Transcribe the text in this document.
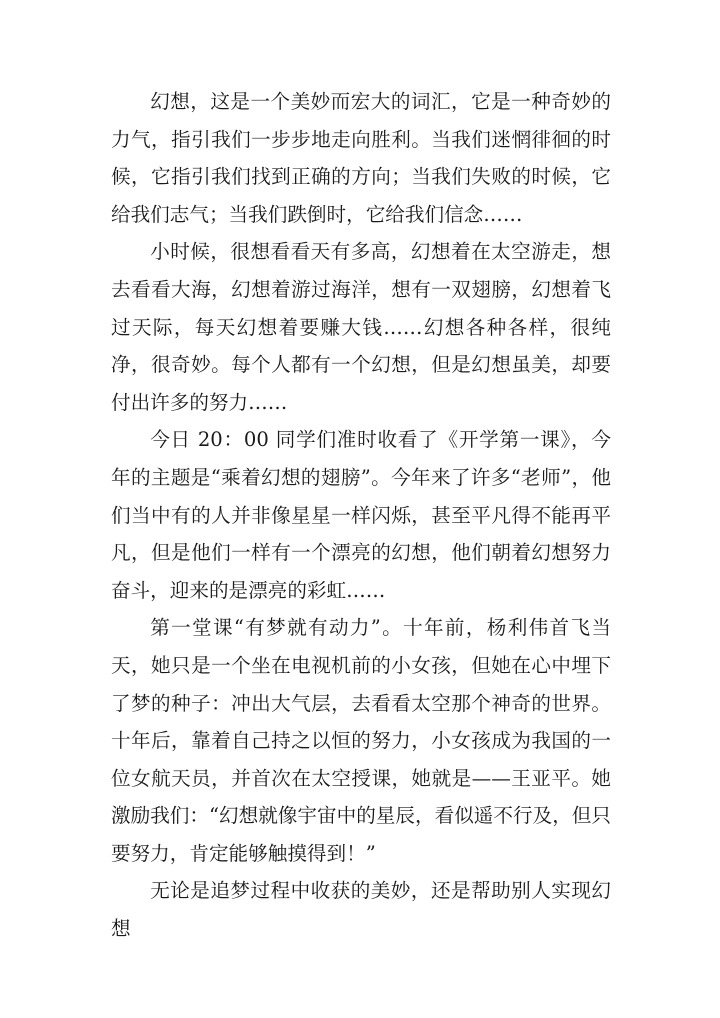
幻想，这是一个美妙而宏大的词汇，它是一种奇妙的力气，指引我们一步步地走向胜利。当我们迷惘徘徊的时候，它指引我们找到正确的方向；当我们失败的时候，它给我们志气；当我们跌倒时，它给我们信念……

小时候，很想看看天有多高，幻想着在太空游走，想去看看大海，幻想着游过海洋，想有一双翅膀，幻想着飞过天际，每天幻想着要赚大钱……幻想各种各样，很纯净，很奇妙。每个人都有一个幻想，但是幻想虽美，却要付出许多的努力……

今日 20：00 同学们准时收看了《开学第一课》，今年的主题是“乘着幻想的翅膀”。今年来了许多“老师”，他们当中有的人并非像星星一样闪烁，甚至平凡得不能再平凡，但是他们一样有一个漂亮的幻想，他们朝着幻想努力奋斗，迎来的是漂亮的彩虹……

第一堂课“有梦就有动力”。十年前，杨利伟首飞当天，她只是一个坐在电视机前的小女孩，但她在心中埋下了梦的种子：冲出大气层，去看看太空那个神奇的世界。十年后，靠着自己持之以恒的努力，小女孩成为我国的一位女航天员，并首次在太空授课，她就是——王亚平。她激励我们：“幻想就像宇宙中的星辰，看似遥不行及，但只要努力，肯定能够触摸得到！”

无论是追梦过程中收获的美妙，还是帮助别人实现幻想
